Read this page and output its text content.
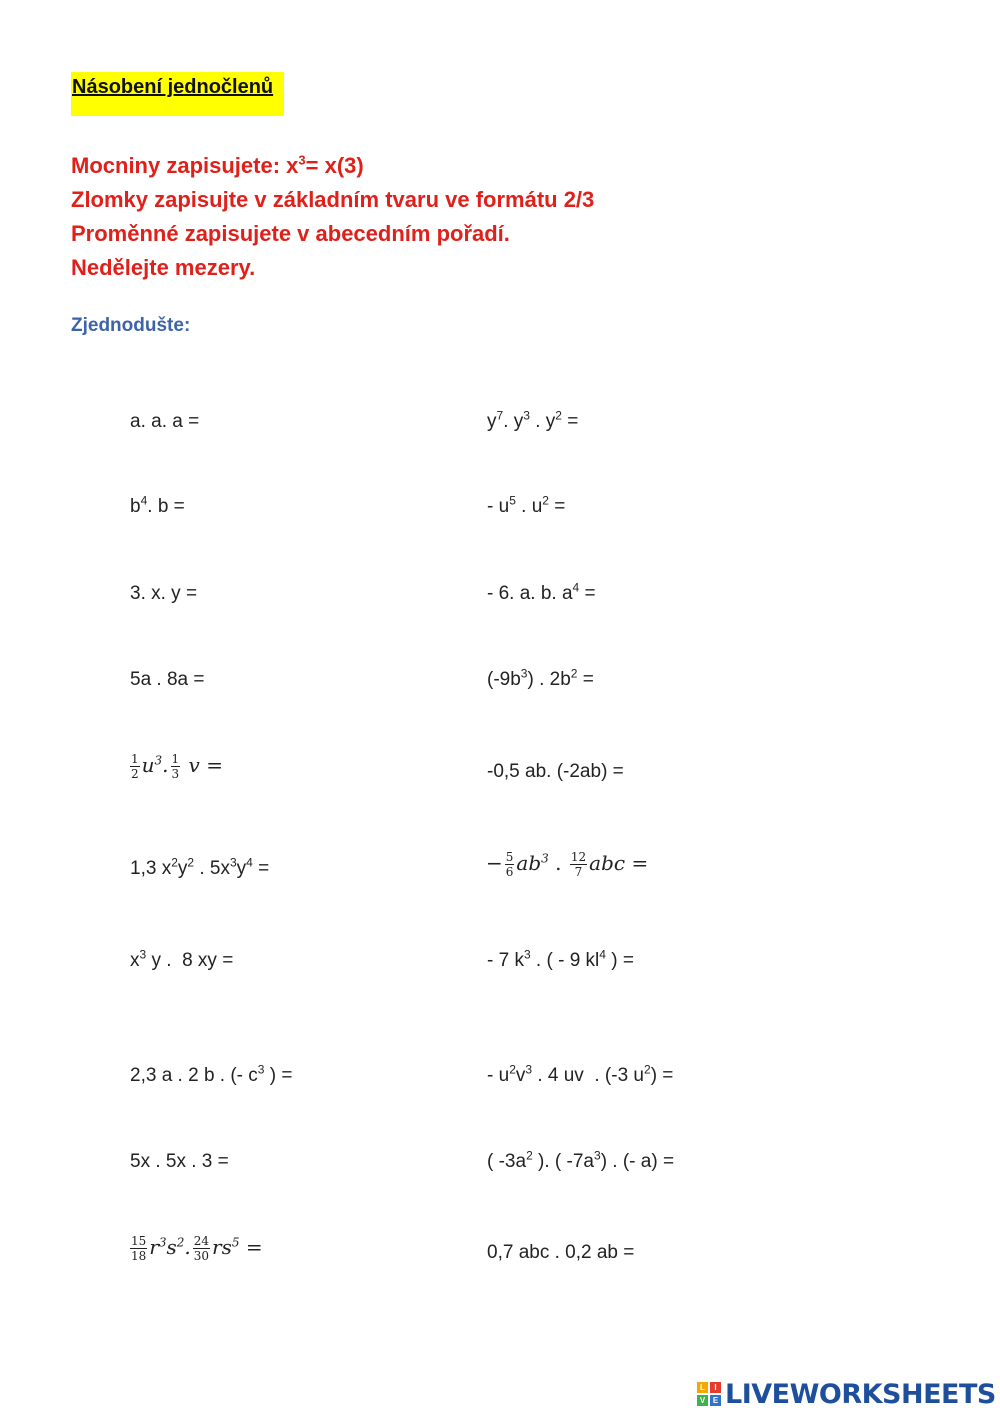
Násobení jednočlenů
Mocniny zapisujete: $x^3= x(3)$
Zlomky zapisujte v základním tvaru ve formátu 2/3
Proměnné zapisujete v abecedním pořadí.
Nedělejte mezery.
Zjednodušte:
a. a. a =
$b^4$. b =
3. x. y =
5a . 8a =
$\frac{1}{2} u^3$. $\frac{1}{3}$ v =
1,3 $x^2y^2$ . $5x^3y^4$ =
$x^3$ y .  8 xy =
2,3 a . 2 b . (- $c^3$ ) =
5x . 5x . 3 =
$\frac{15}{18} r^3s^2$. $\frac{24}{30} rs^5$ =
$y^7$. $y^3$ . $y^2$ =
- $u^5$ . $u^2$ =
- 6. a. b. $a^4$ =
$(-9b^3)$ . $2b^2$ =
-0,5 ab. (-2ab) =
− $\frac{5}{6} ab^3$ . $\frac{12}{7}$ abc =
- 7 $k^3$ . ( - 9 $kl^4$ ) =
- $u^2v^3$ . 4 uv  . (-3 $u^2$) =
( $-3a^2$ ). ( $-7a^3$) . (- a) =
0,7 abc . 0,2 ab =
L	I
V E LIVEWORKSHEETS
